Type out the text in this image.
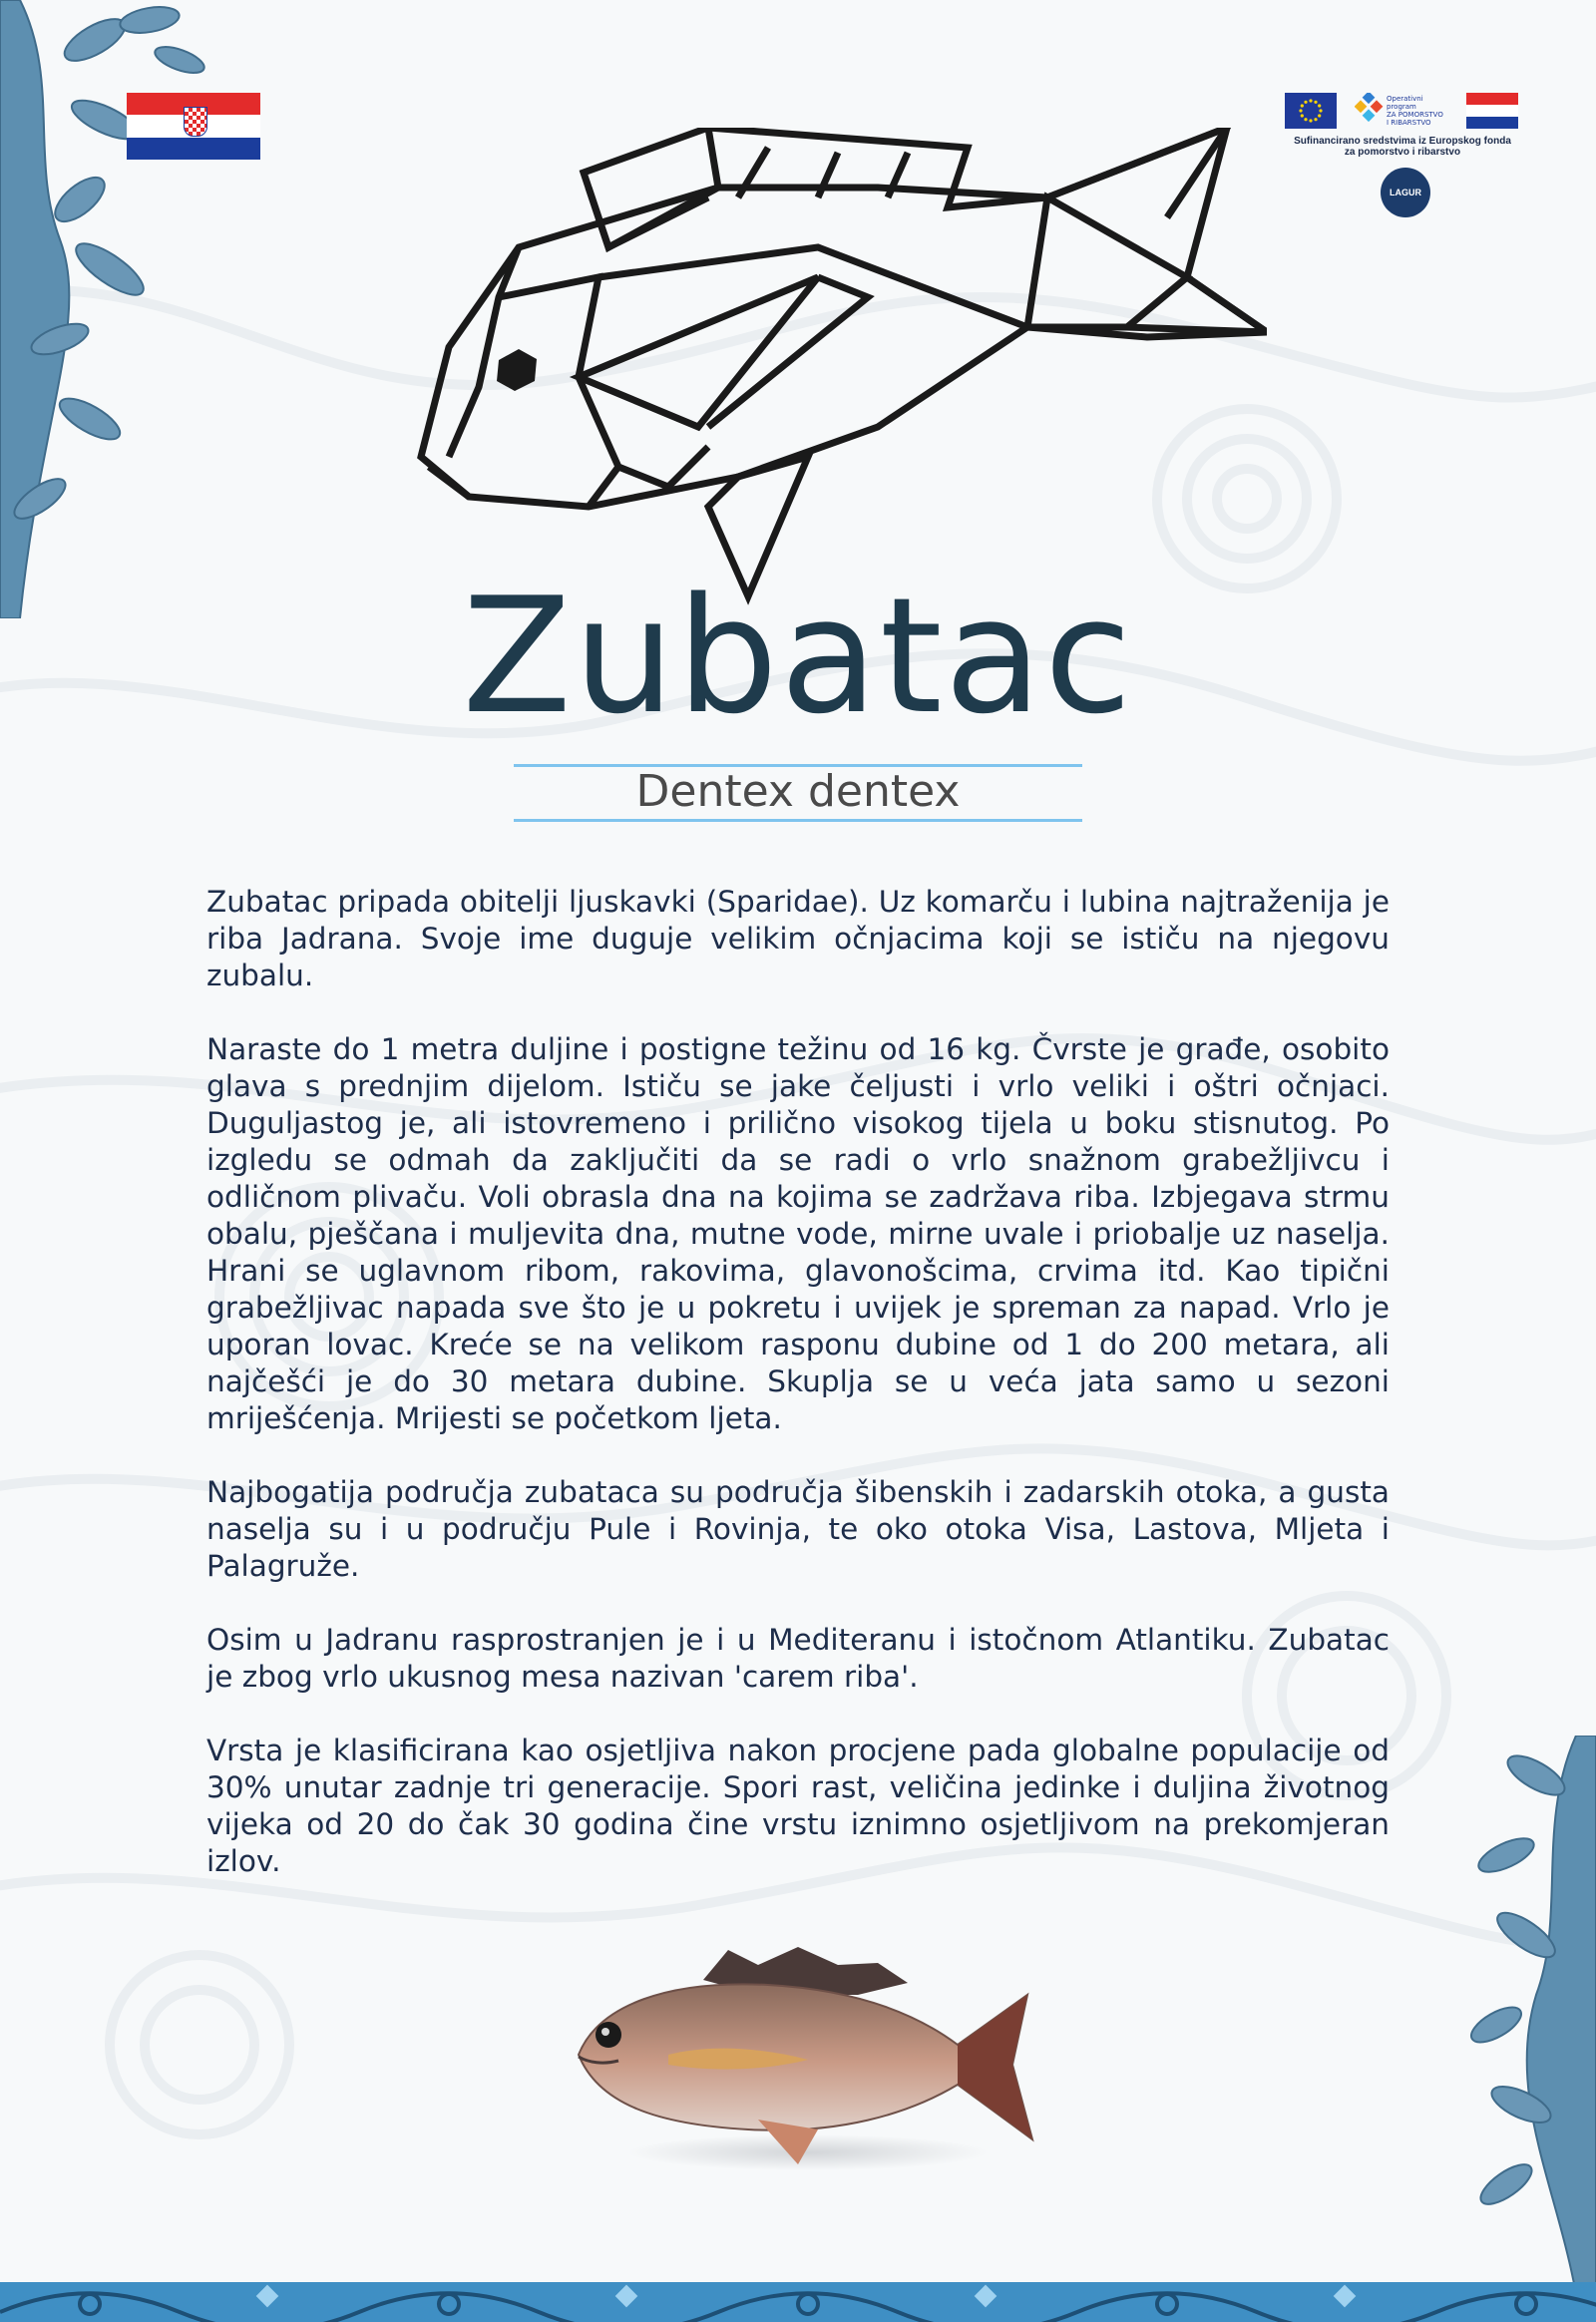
Operativni program
ZA POMORSTVO
I RIBARSTVO
Sufinancirano sredstvima iz Europskog fonda
za pomorstvo i ribarstvo
LAGUR
Zubatac
Dentex dentex

Zubatac pripada obitelji ljuskavki (Sparidae). Uz komarču i lubina najtraženija je riba Jadrana. Svoje ime duguje velikim očnjacima koji se ističu na njegovu zubalu.

Naraste do 1 metra duljine i postigne težinu od 16 kg. Čvrste je građe, osobito glava s prednjim dijelom. Ističu se jake čeljusti i vrlo veliki i oštri očnjaci. Duguljastog je, ali istovremeno i prilično visokog tijela u boku stisnutog. Po izgledu se odmah da zaključiti da se radi o vrlo snažnom grabežljivcu i odličnom plivaču. Voli obrasla dna na kojima se zadržava riba. Izbjegava strmu obalu, pješčana i muljevita dna, mutne vode, mirne uvale i priobalje uz naselja. Hrani se uglavnom ribom, rakovima, glavonošcima, crvima itd. Kao tipični grabežljivac napada sve što je u pokretu i uvijek je spreman za napad. Vrlo je uporan lovac. Kreće se na velikom rasponu dubine od 1 do 200 metara, ali najčešći je do 30 metara dubine. Skuplja se u veća jata samo u sezoni mriješćenja. Mrijesti se početkom ljeta.

Najbogatija područja zubataca su područja šibenskih i zadarskih otoka, a gusta naselja su i u području Pule i Rovinja, te oko otoka Visa, Lastova, Mljeta i Palagruže.

Osim u Jadranu rasprostranjen je i u Mediteranu i istočnom Atlantiku. Zubatac je zbog vrlo ukusnog mesa nazivan 'carem riba'.

Vrsta je klasificirana kao osjetljiva nakon procjene pada globalne populacije od 30% unutar zadnje tri generacije. Spori rast, veličina jedinke i duljina životnog vijeka od 20 do čak 30 godina čine vrstu iznimno osjetljivom na prekomjeran izlov.
